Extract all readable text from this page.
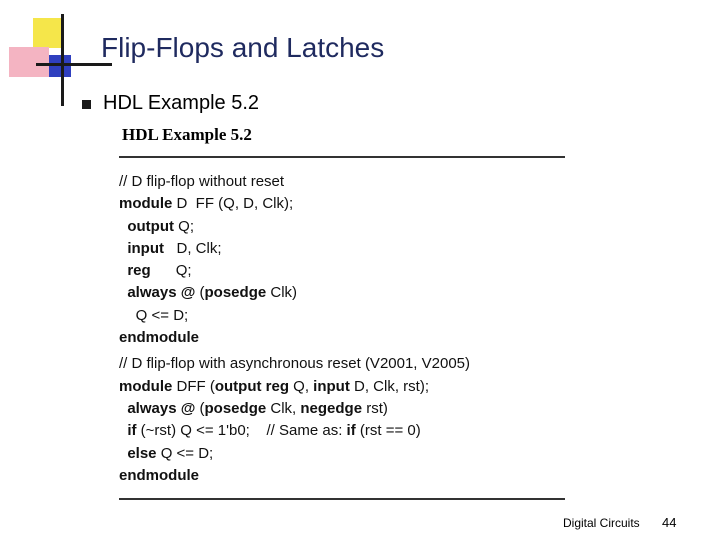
Flip-Flops and Latches
HDL Example 5.2
HDL Example 5.2
// D flip-flop without reset
module D  FF (Q, D, Clk);
output Q;
input   D, Clk;
reg      Q;
always @ (posedge Clk)
Q <= D;
endmodule
// D flip-flop with asynchronous reset (V2001, V2005)
module DFF (output reg Q, input D, Clk, rst);
always @ (posedge Clk, negedge rst)
if (~rst) Q <= 1'b0;    // Same as: if (rst == 0)
else Q <= D;
endmodule
Digital Circuits 44
